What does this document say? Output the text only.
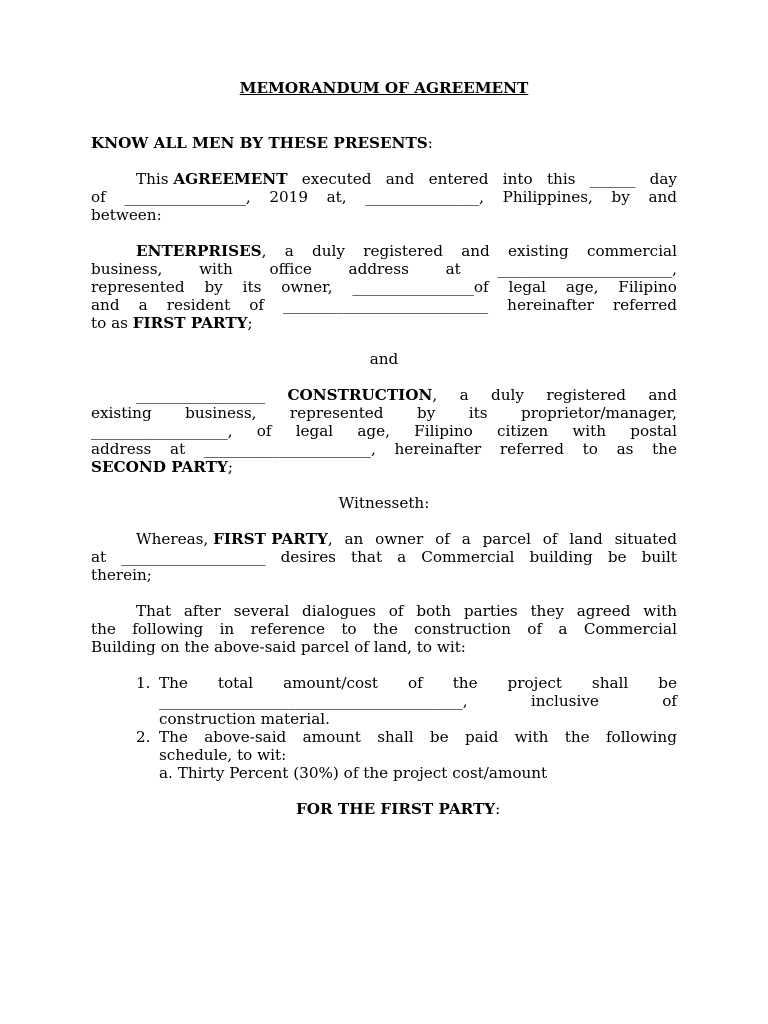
MEMORANDUM OF AGREEMENT
KNOW ALL MEN BY THESE PRESENTS:
This AGREEMENT executed and entered into this ______ day
of ________________, 2019 at, _______________, Philippines, by and
between:
ENTERPRISES, a duly registered and existing commercial
business, with office address at _______________________,
represented by its owner, ________________of legal age, Filipino
and a resident of ___________________________ hereinafter referred
to as FIRST PARTY;
and
_________________ CONSTRUCTION, a duly registered and
existing business, represented by its proprietor/manager,
__________________, of legal age, Filipino citizen with postal
address at ______________________, hereinafter referred to as the
SECOND PARTY;
Witnesseth:
Whereas, FIRST PARTY, an owner of a parcel of land situated
at ___________________ desires that a Commercial building be built
therein;
That after several dialogues of both parties they agreed with
the following in reference to the construction of a Commercial
Building on the above-said parcel of land, to wit:
1. The total amount/cost of the project shall be
________________________________________,	inclusive	of
construction material.
2. The above-said amount shall be paid with the following
schedule, to wit:
a. Thirty Percent (30%) of the project cost/amount
FOR THE FIRST PARTY:
